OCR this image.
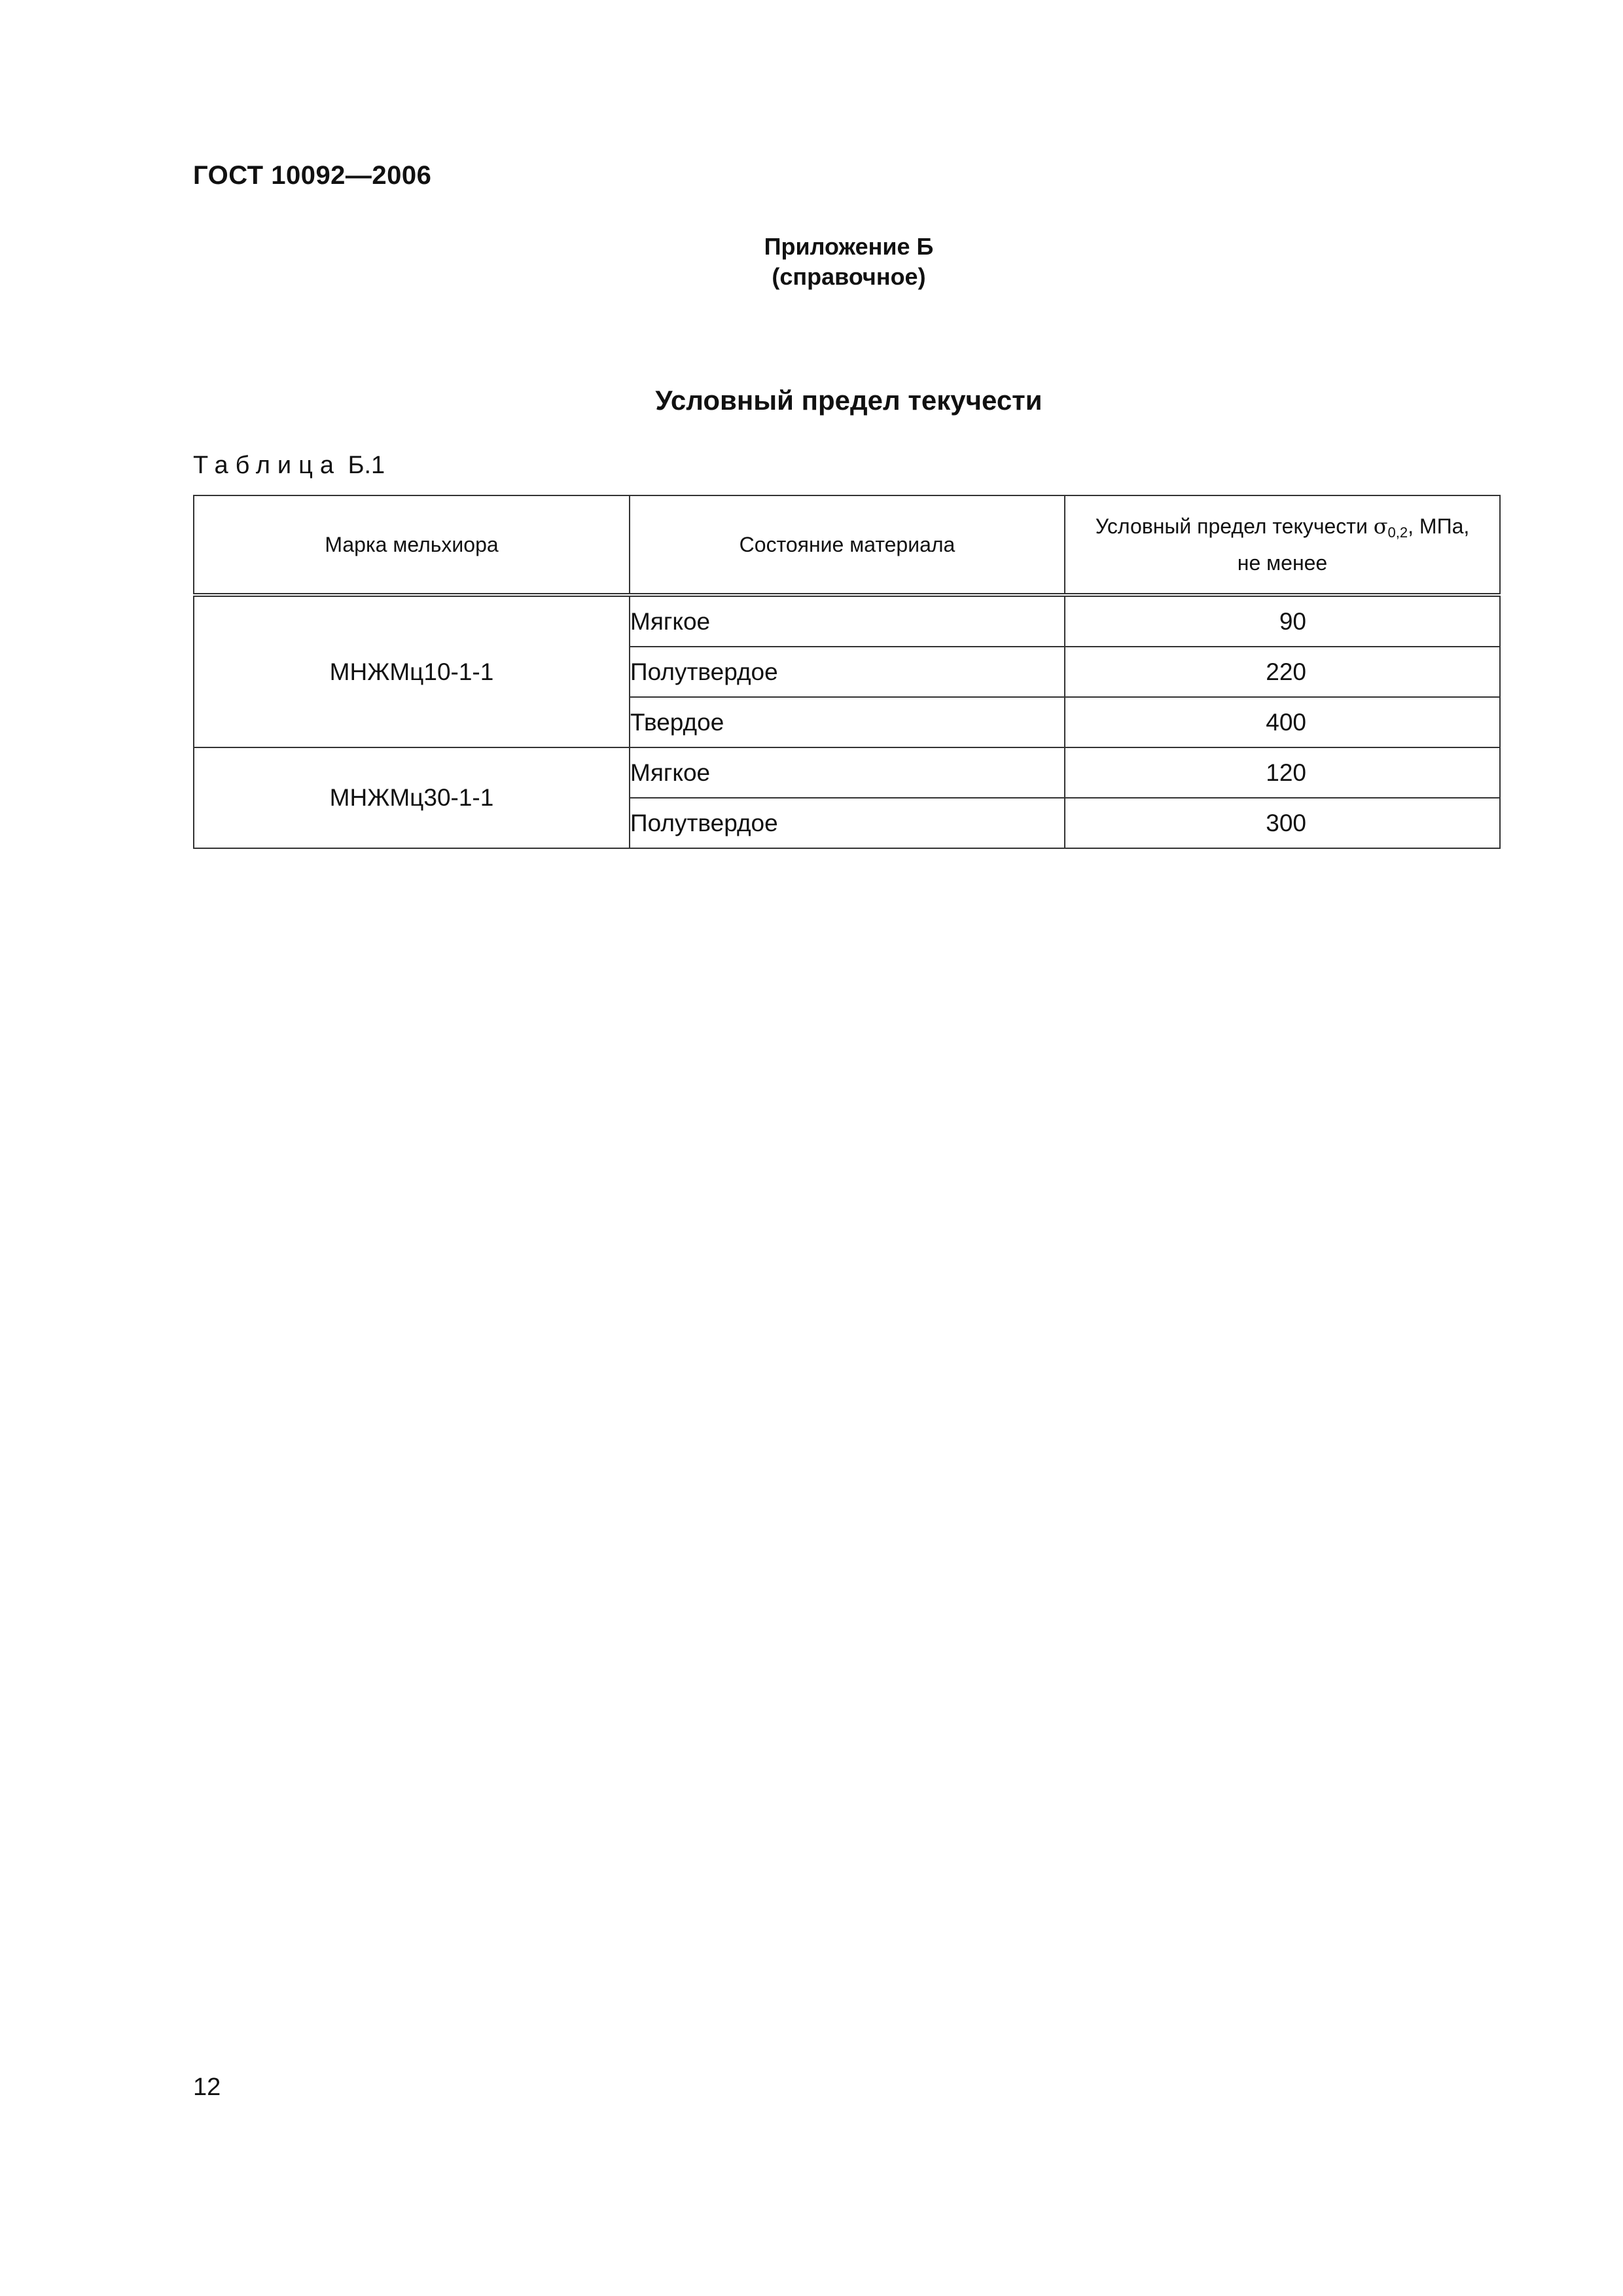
ГОСТ 10092—2006
Приложение Б
(справочное)
Условный предел текучести
Таблица Б.1
Марка мельхиора	Состояние материала	Условный предел текучести $\sigma_{0,2}$, МПа,
не менее
МНЖМц10-1-1	Мягкое	90
	Полутвердое	220
	Твердое	400
МНЖМц30-1-1	Мягкое	120
	Полутвердое	300
12
